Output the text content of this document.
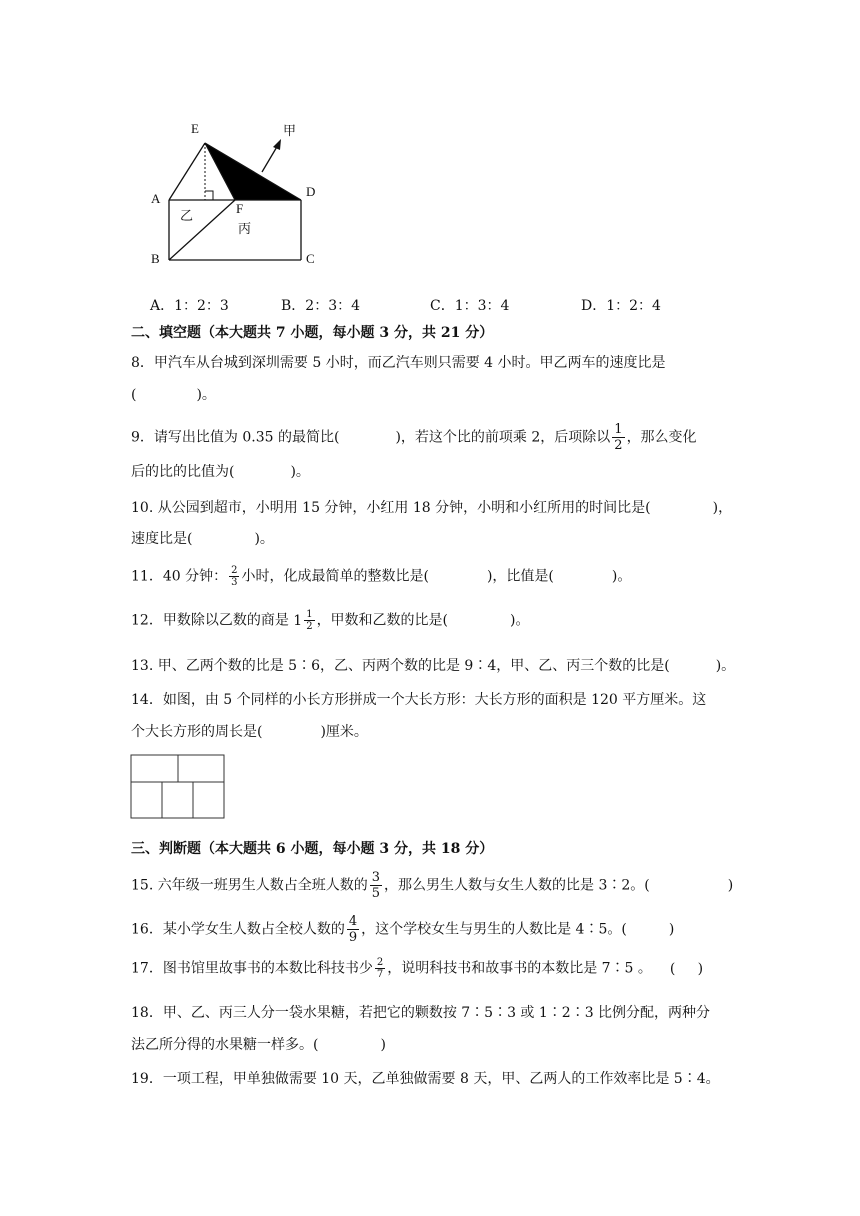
E	甲
A	D
乙	F
丙
B	C
A．1：2：3	B．2：3：4	C．1：3：4	D．1：2：4
二、填空题（本大题共 7 小题，每小题 3 分，共 21 分）
8．甲汽车从台城到深圳需要 5 小时，而乙汽车则只需要 4 小时。甲乙两车的速度比是
(	)。
9．请写出比值为 0.35 的最简比(	)，若这个比的前项乘 2，后项除以 $\frac{1}{2}$ ，那么变化
后的比的比值为(	)。
10. 从公园到超市，小明用 15 分钟，小红用 18 分钟，小明和小红所用的时间比是(	)，
速度比是(	)。
11．40 分钟： $\frac{2}{3}$ 小时，化成最简单的整数比是(	)，比值是(	)。
12．甲数除以乙数的商是 $1 \frac{1}{2}$ ，甲数和乙数的比是(	)。
13. 甲、乙两个数的比是 5∶6，乙、丙两个数的比是 9∶4，甲、乙、丙三个数的比是(	)。
14．如图，由 5 个同样的小长方形拼成一个大长方形：大长方形的面积是 120 平方厘米。这
个大长方形的周长是(	)厘米。
三、判断题（本大题共 6 小题，每小题 3 分，共 18 分）
15. 六年级一班男生人数占全班人数的 $\frac{3}{5}$ ，那么男生人数与女生人数的比是 3∶2。(	)
16．某小学女生人数占全校人数的 $\frac{4}{9}$ ，这个学校女生与男生的人数比是 4∶5。(	)
17．图书馆里故事书的本数比科技书少 $\frac{2}{7}$ ，说明科技书和故事书的本数比是 7∶5 。 (     )
18．甲、乙、丙三人分一袋水果糖，若把它的颗数按 7∶5∶3 或 1∶2∶3 比例分配，两种分
法乙所分得的水果糖一样多。(	)
19．一项工程，甲单独做需要 10 天，乙单独做需要 8 天，甲、乙两人的工作效率比是 5∶4。
